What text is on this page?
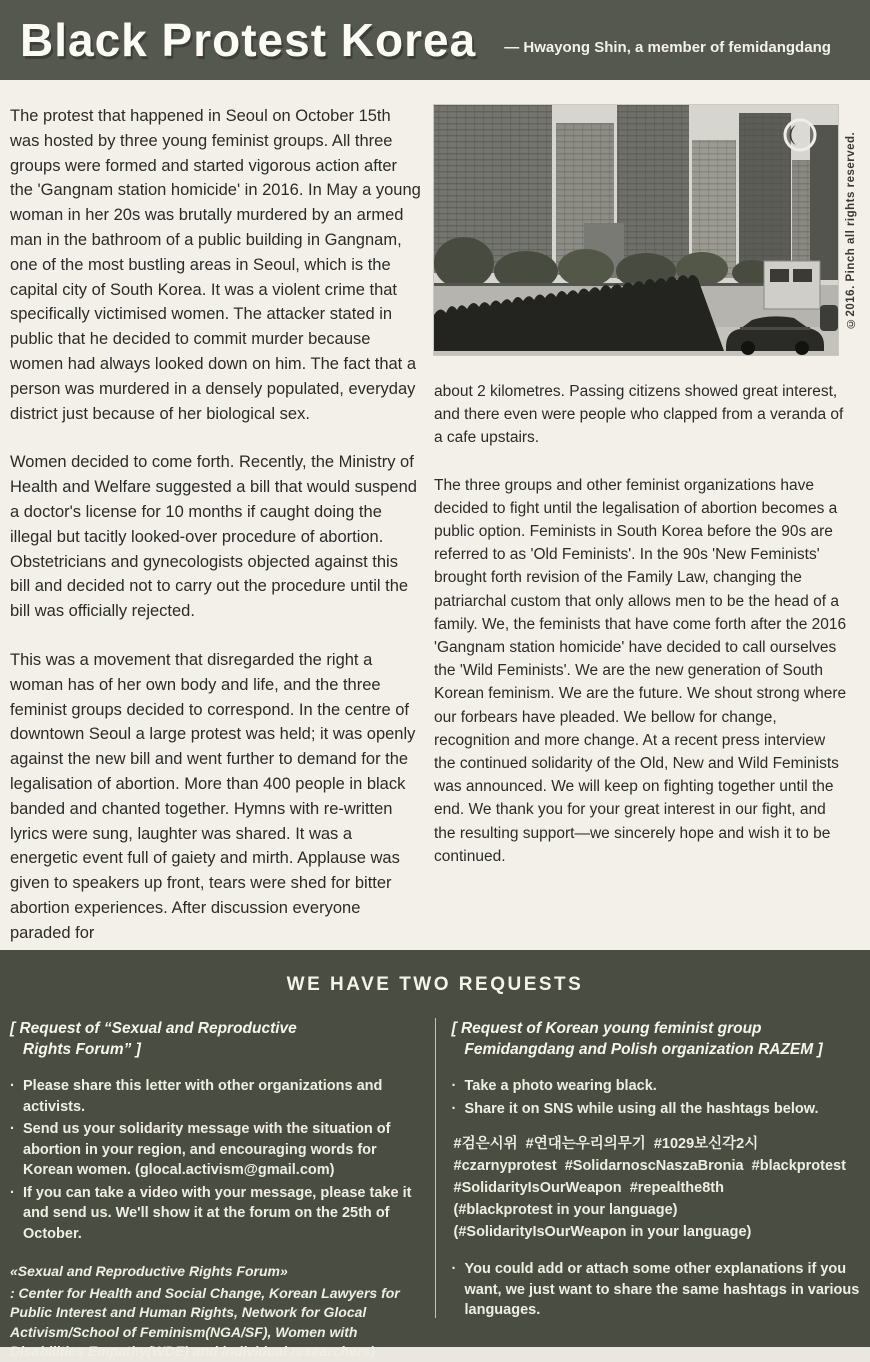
Black Protest Korea — Hwayong Shin, a member of femidangdang

The protest that happened in Seoul on October 15th was hosted by three young feminist groups. All three groups were formed and started vigorous action after the 'Gangnam station homicide' in 2016. In May a young woman in her 20s was brutally murdered by an armed man in the bathroom of a public building in Gangnam, one of the most bustling areas in Seoul, which is the capital city of South Korea. It was a violent crime that specifically victimised women. The attacker stated in public that he decided to commit murder because women had always looked down on him. The fact that a person was murdered in a densely populated, everyday district just because of her biological sex.

Women decided to come forth. Recently, the Ministry of Health and Welfare suggested a bill that would suspend a doctor's license for 10 months if caught doing the illegal but tacitly looked-over procedure of abortion. Obstetricians and gynecologists objected against this bill and decided not to carry out the procedure until the bill was officially rejected.

This was a movement that disregarded the right a woman has of her own body and life, and the three feminist groups decided to correspond. In the centre of downtown Seoul a large protest was held; it was openly against the new bill and went further to demand for the legalisation of abortion. More than 400 people in black banded and chanted together. Hymns with re-written lyrics were sung, laughter was shared. It was a energetic event full of gaiety and mirth. Applause was given to speakers up front, tears were shed for bitter abortion experiences. After discussion everyone paraded for

©2016. Pinch all rights reserved.

about 2 kilometres. Passing citizens showed great interest, and there even were people who clapped from a veranda of a cafe upstairs.

The three groups and other feminist organizations have decided to fight until the legalisation of abortion becomes a public option. Feminists in South Korea before the 90s are referred to as 'Old Feminists'. In the 90s 'New Feminists' brought forth revision of the Family Law, changing the patriarchal custom that only allows men to be the head of a family. We, the feminists that have come forth after the 2016 'Gangnam station homicide' have decided to call ourselves the 'Wild Feminists'. We are the new generation of South Korean feminism. We are the future. We shout strong where our forbears have pleaded. We bellow for change, recognition and more change. At a recent press interview the continued solidarity of the Old, New and Wild Feminists was announced. We will keep on fighting together until the end. We thank you for your great interest in our fight, and the resulting support—we sincerely hope and wish it to be continued.

WE HAVE TWO REQUESTS
[ Request of “Sexual and Reproductive
Rights Forum” ]
· Please share this letter with other organizations and activists.
· Send us your solidarity message with the situation of abortion in your region, and encouraging words for Korean women. (glocal.activism@gmail.com)
· If you can take a video with your message, please take it and send us. We'll show it at the forum on the 25th of October.
«Sexual and Reproductive Rights Forum»
: Center for Health and Social Change, Korean Lawyers for Public Interest and Human Rights, Network for Glocal Activism/School of Feminism(NGA/SF), Women with Disabilities Empathy(WDE) and individual researchers)
[ Request of Korean young feminist group
Femidangdang and Polish organization RAZEM ]
· Take a photo wearing black.
· Share it on SNS while using all the hashtags below.
#검은시위  #연대는우리의무기  #1029보신각2시
#czarnyprotest  #SolidarnoscNaszaBronia  #blackprotest
#SolidarityIsOurWeapon  #repealthe8th
(#blackprotest in your language)
(#SolidarityIsOurWeapon in your language)
· You could add or attach some other explanations if you want, we just want to share the same hashtags in various languages.
